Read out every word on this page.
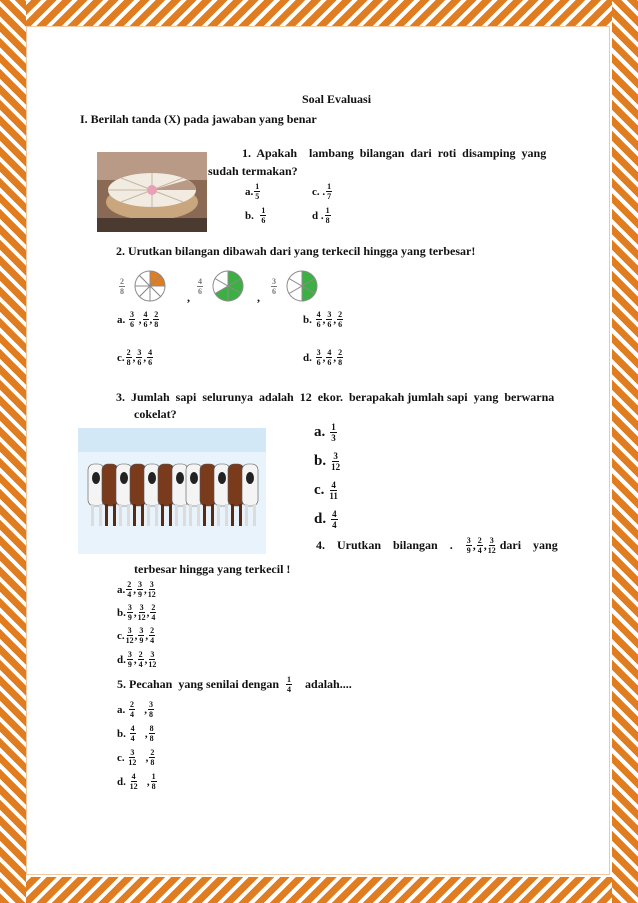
Soal Evaluasi
I. Berilah tanda (X) pada jawaban yang benar
1.  Apakah    lambang  bilangan  dari  roti  disamping  yang
sudah termakan?
a. $\frac{1}{5}$	c. . $\frac{1}{7}$
b.
$\frac{1}{6}$	d . $\frac{1}{8}$
2. Urutkan bilangan dibawah dari yang terkecil hingga yang terbesar!
$\frac{2}{8}$
,
$\frac{4}{6}$
,
$\frac{3}{6}$
a.
$\frac{3}{6}$ , $\frac{4}{6}$ , $\frac{2}{8}$	b.
$\frac{4}{6}$ , $\frac{3}{6}$ , $\frac{2}{6}$
c. $\frac{2}{8}$ , $\frac{3}{6}$ , $\frac{4}{6}$	d.
$\frac{3}{6}$ , $\frac{4}{6}$ , $\frac{2}{8}$
3.  Jumlah  sapi  selurunya  adalah  12  ekor.  berapakah jumlah sapi  yang  berwarna
cokelat?
a.
$\frac{1}{3}$
b.
$\frac{3}{12}$
c.
$\frac{4}{11}$
d.
$\frac{4}{4}$
4.    Urutkan    bilangan    .
$\frac{3}{9}$ , $\frac{2}{4}$ , $\frac{3}{12}$
dari    yang
terbesar hingga yang terkecil !
a. $\frac{2}{4}$ , $\frac{3}{9}$ , $\frac{3}{12}$
b. $\frac{3}{9}$ , $\frac{3}{12}$ , $\frac{2}{4}$
c. $\frac{3}{12}$ , $\frac{3}{9}$ , $\frac{2}{4}$
d. $\frac{3}{9}$ , $\frac{2}{4}$ , $\frac{3}{12}$
5. Pecahan  yang senilai dengan
$\frac{1}{4}$
adalah....
a.
$\frac{2}{4}$ , $\frac{3}{8}$
b.
$\frac{4}{4}$ , $\frac{8}{8}$
c.
$\frac{3}{12}$ , $\frac{2}{8}$
d.
$\frac{4}{12}$ , $\frac{1}{8}$
